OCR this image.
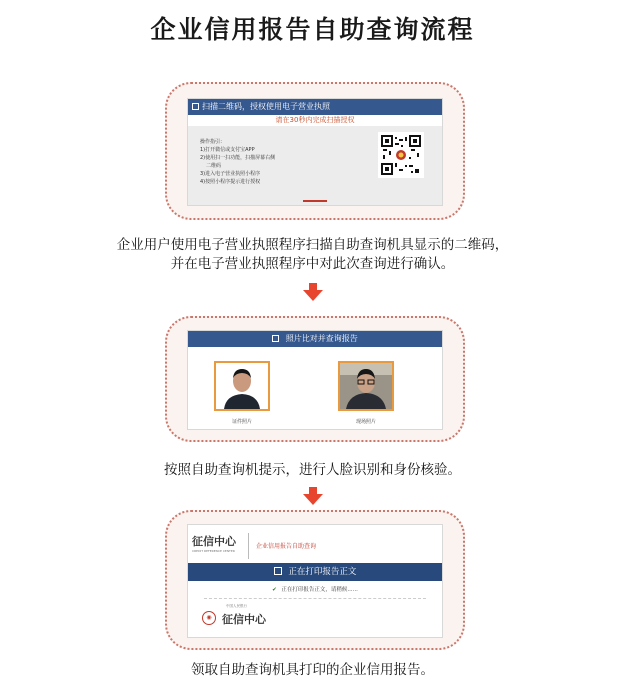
企业信用报告自助查询流程
扫描二维码，授权使用电子营业执照
请在30秒内完成扫描授权
操作指引：
1)打开微信或支付宝APP
2)使用扫一扫功能，扫描屏幕右侧
二维码
3)进入电子营业执照小程序
4)按照小程序提示进行授权
企业用户使用电子营业执照程序扫描自助查询机具显示的二维码，
并在电子营业执照程序中对此次查询进行确认。
照片比对并查询报告
证件照片	现场照片
按照自助查询机提示，进行人脸识别和身份核验。
征信中心
CREDIT REFERENCE CENTER
企业信用报告自助查询
正在打印报告正文
✔ 正在打印报告正文，请稍候......
◉
中国人民银行
征信中心
领取自助查询机具打印的企业信用报告。
